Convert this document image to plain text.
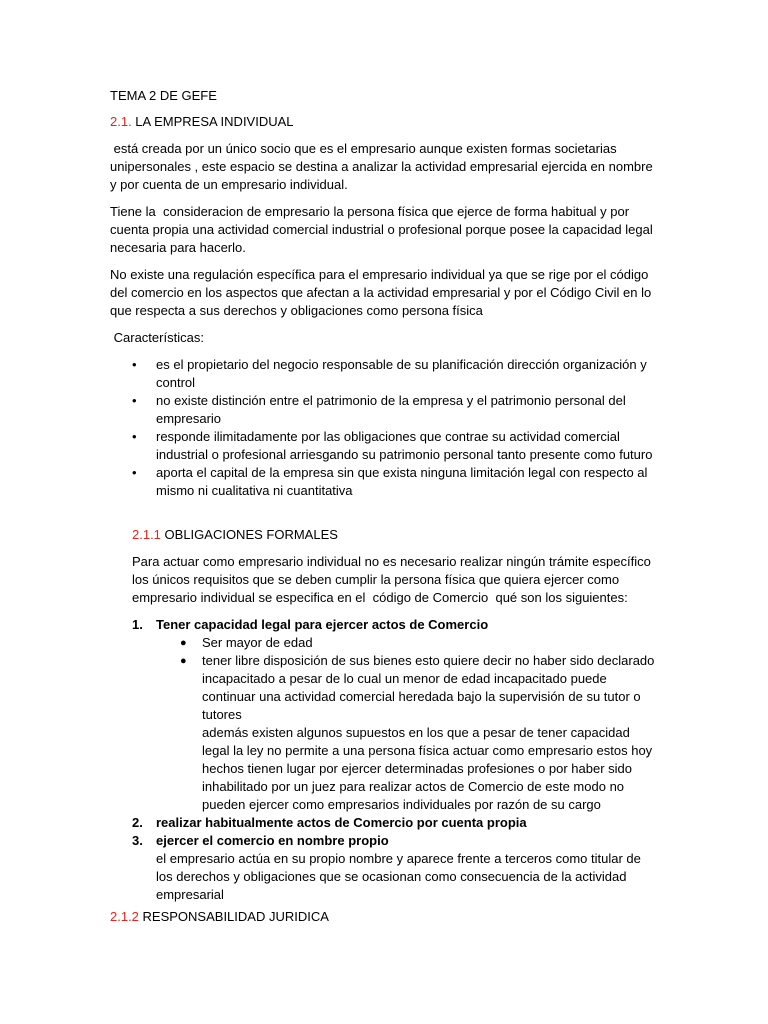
TEMA 2 DE GEFE

2.1. LA EMPRESA INDIVIDUAL

está creada por un único socio que es el empresario aunque existen formas societarias unipersonales , este espacio se destina a analizar la actividad empresarial ejercida en nombre y por cuenta de un empresario individual.

Tiene la  consideracion de empresario la persona física que ejerce de forma habitual y por cuenta propia una actividad comercial industrial o profesional porque posee la capacidad legal necesaria para hacerlo.

No existe una regulación específica para el empresario individual ya que se rige por el código del comercio en los aspectos que afectan a la actividad empresarial y por el Código Civil en lo que respecta a sus derechos y obligaciones como persona física

Características:

• es el propietario del negocio responsable de su planificación dirección organización y control
• no existe distinción entre el patrimonio de la empresa y el patrimonio personal del empresario
• responde ilimitadamente por las obligaciones que contrae su actividad comercial industrial o profesional arriesgando su patrimonio personal tanto presente como futuro
• aporta el capital de la empresa sin que exista ninguna limitación legal con respecto al mismo ni cualitativa ni cuantitativa

2.1.1 OBLIGACIONES FORMALES

Para actuar como empresario individual no es necesario realizar ningún trámite específico los únicos requisitos que se deben cumplir la persona física que quiera ejercer como empresario individual se especifica en el  código de Comercio  qué son los siguientes:

1. Tener capacidad legal para ejercer actos de Comercio
● Ser mayor de edad
● tener libre disposición de sus bienes esto quiere decir no haber sido declarado incapacitado a pesar de lo cual un menor de edad incapacitado puede continuar una actividad comercial heredada bajo la supervisión de su tutor o tutores

además existen algunos supuestos en los que a pesar de tener capacidad legal la ley no permite a una persona física actuar como empresario estos hoy hechos tienen lugar por ejercer determinadas profesiones o por haber sido inhabilitado por un juez para realizar actos de Comercio de este modo no pueden ejercer como empresarios individuales por razón de su cargo

2. realizar habitualmente actos de Comercio por cuenta propia
3. ejercer el comercio en nombre propio
el empresario actúa en su propio nombre y aparece frente a terceros como titular de los derechos y obligaciones que se ocasionan como consecuencia de la actividad empresarial

2.1.2 RESPONSABILIDAD JURIDICA
